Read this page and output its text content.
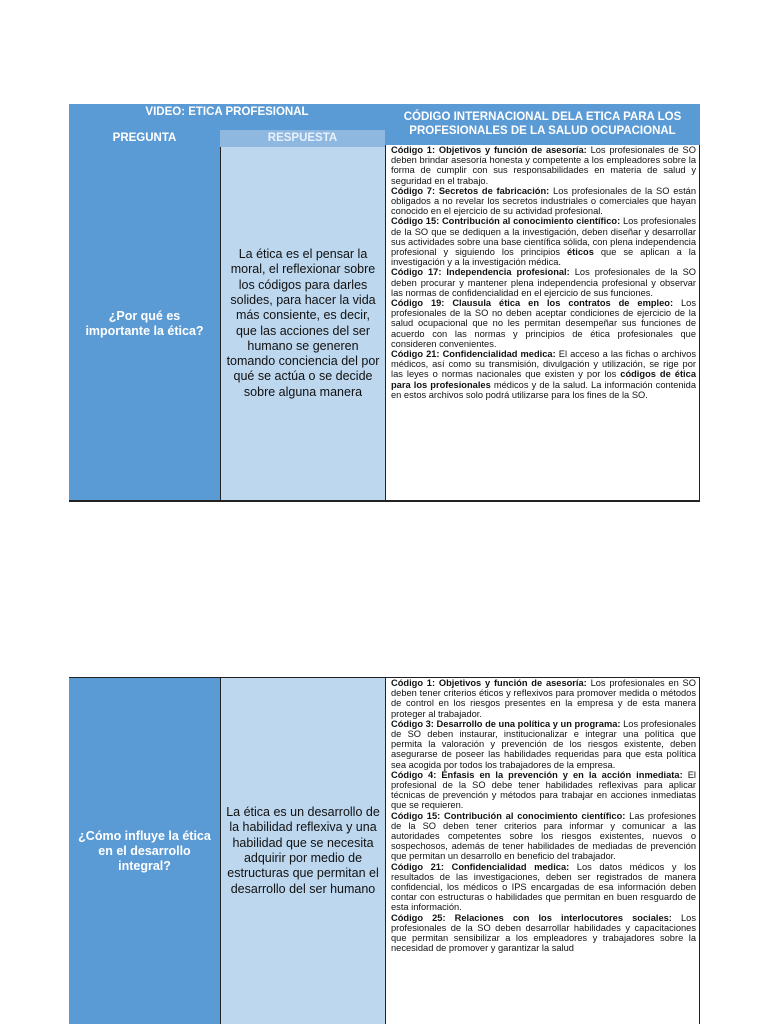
VIDEO: ETICA PROFESIONAL
PREGUNTA	RESPUESTA
CÓDIGO INTERNACIONAL DELA ETICA PARA LOS PROFESIONALES DE LA SALUD OCUPACIONAL
¿Por qué es importante la ética?
La ética es el pensar la moral, el reflexionar sobre los códigos para darles solides, para hacer la vida más consiente, es decir, que las acciones del ser humano se generen tomando conciencia del por qué se actúa o se decide sobre alguna manera

Código 1: Objetivos y función de asesoría: Los profesionales de SO deben brindar asesoría honesta y competente a los empleadores sobre la forma de cumplir con sus responsabilidades en materia de salud y seguridad en el trabajo.

Código 7: Secretos de fabricación: Los profesionales de la SO están obligados a no revelar los secretos industriales o comerciales que hayan conocido en el ejercicio de su actividad profesional.

Código 15: Contribución al conocimiento científico: Los profesionales de la SO que se dediquen a la investigación, deben diseñar y desarrollar sus actividades sobre una base científica sólida, con plena independencia profesional y siguiendo los principios éticos que se aplican a la investigación y a la investigación médica.

Código 17: Independencia profesional: Los profesionales de la SO deben procurar y mantener plena independencia profesional y observar las normas de confidencialidad en el ejercicio de sus funciones.

Código 19: Clausula ética en los contratos de empleo: Los profesionales de la SO no deben aceptar condiciones de ejercicio de la salud ocupacional que no les permitan desempeñar sus funciones de acuerdo con las normas y principios de ética profesionales que consideren convenientes.

Código 21: Confidencialidad medica: El acceso a las fichas o archivos médicos, así como su transmisión, divulgación y utilización, se rige por las leyes o normas nacionales que existen y por los códigos de ética para los profesionales médicos y de la salud. La información contenida en estos archivos solo podrá utilizarse para los fines de la SO.

¿Cómo influye la ética en el desarrollo integral?
La ética es un desarrollo de la habilidad reflexiva y una habilidad que se necesita adquirir por medio de estructuras que permitan el desarrollo del ser humano

Código 1: Objetivos y función de asesoría: Los profesionales en SO deben tener criterios éticos y reflexivos para promover medida o métodos de control en los riesgos presentes en la empresa y de esta manera proteger al trabajador.

Código 3: Desarrollo de una política y un programa: Los profesionales de SO deben instaurar, institucionalizar e integrar una política que permita la valoración y prevención de los riesgos existente, deben asegurarse de poseer las habilidades requeridas para que esta política sea acogida por todos los trabajadores de la empresa.

Código 4: Énfasis en la prevención y en la acción inmediata: El profesional de la SO debe tener habilidades reflexivas para aplicar técnicas de prevención y métodos para trabajar en acciones inmediatas que se requieren.

Código 15: Contribución al conocimiento científico: Las profesiones de la SO deben tener criterios para informar y comunicar a las autoridades competentes sobre los riesgos existentes, nuevos o sospechosos, además de tener habilidades de mediadas de prevención que permitan un desarrollo en beneficio del trabajador.

Código 21: Confidencialidad medica: Los datos médicos y los resultados de las investigaciones, deben ser registrados de manera confidencial, los médicos o IPS encargadas de esa información deben contar con estructuras o habilidades que permitan en buen resguardo de esta información.

Código 25: Relaciones con los interlocutores sociales: Los profesionales de la SO deben desarrollar habilidades y capacitaciones que permitan sensibilizar a los empleadores y trabajadores sobre la necesidad de promover y garantizar la salud
